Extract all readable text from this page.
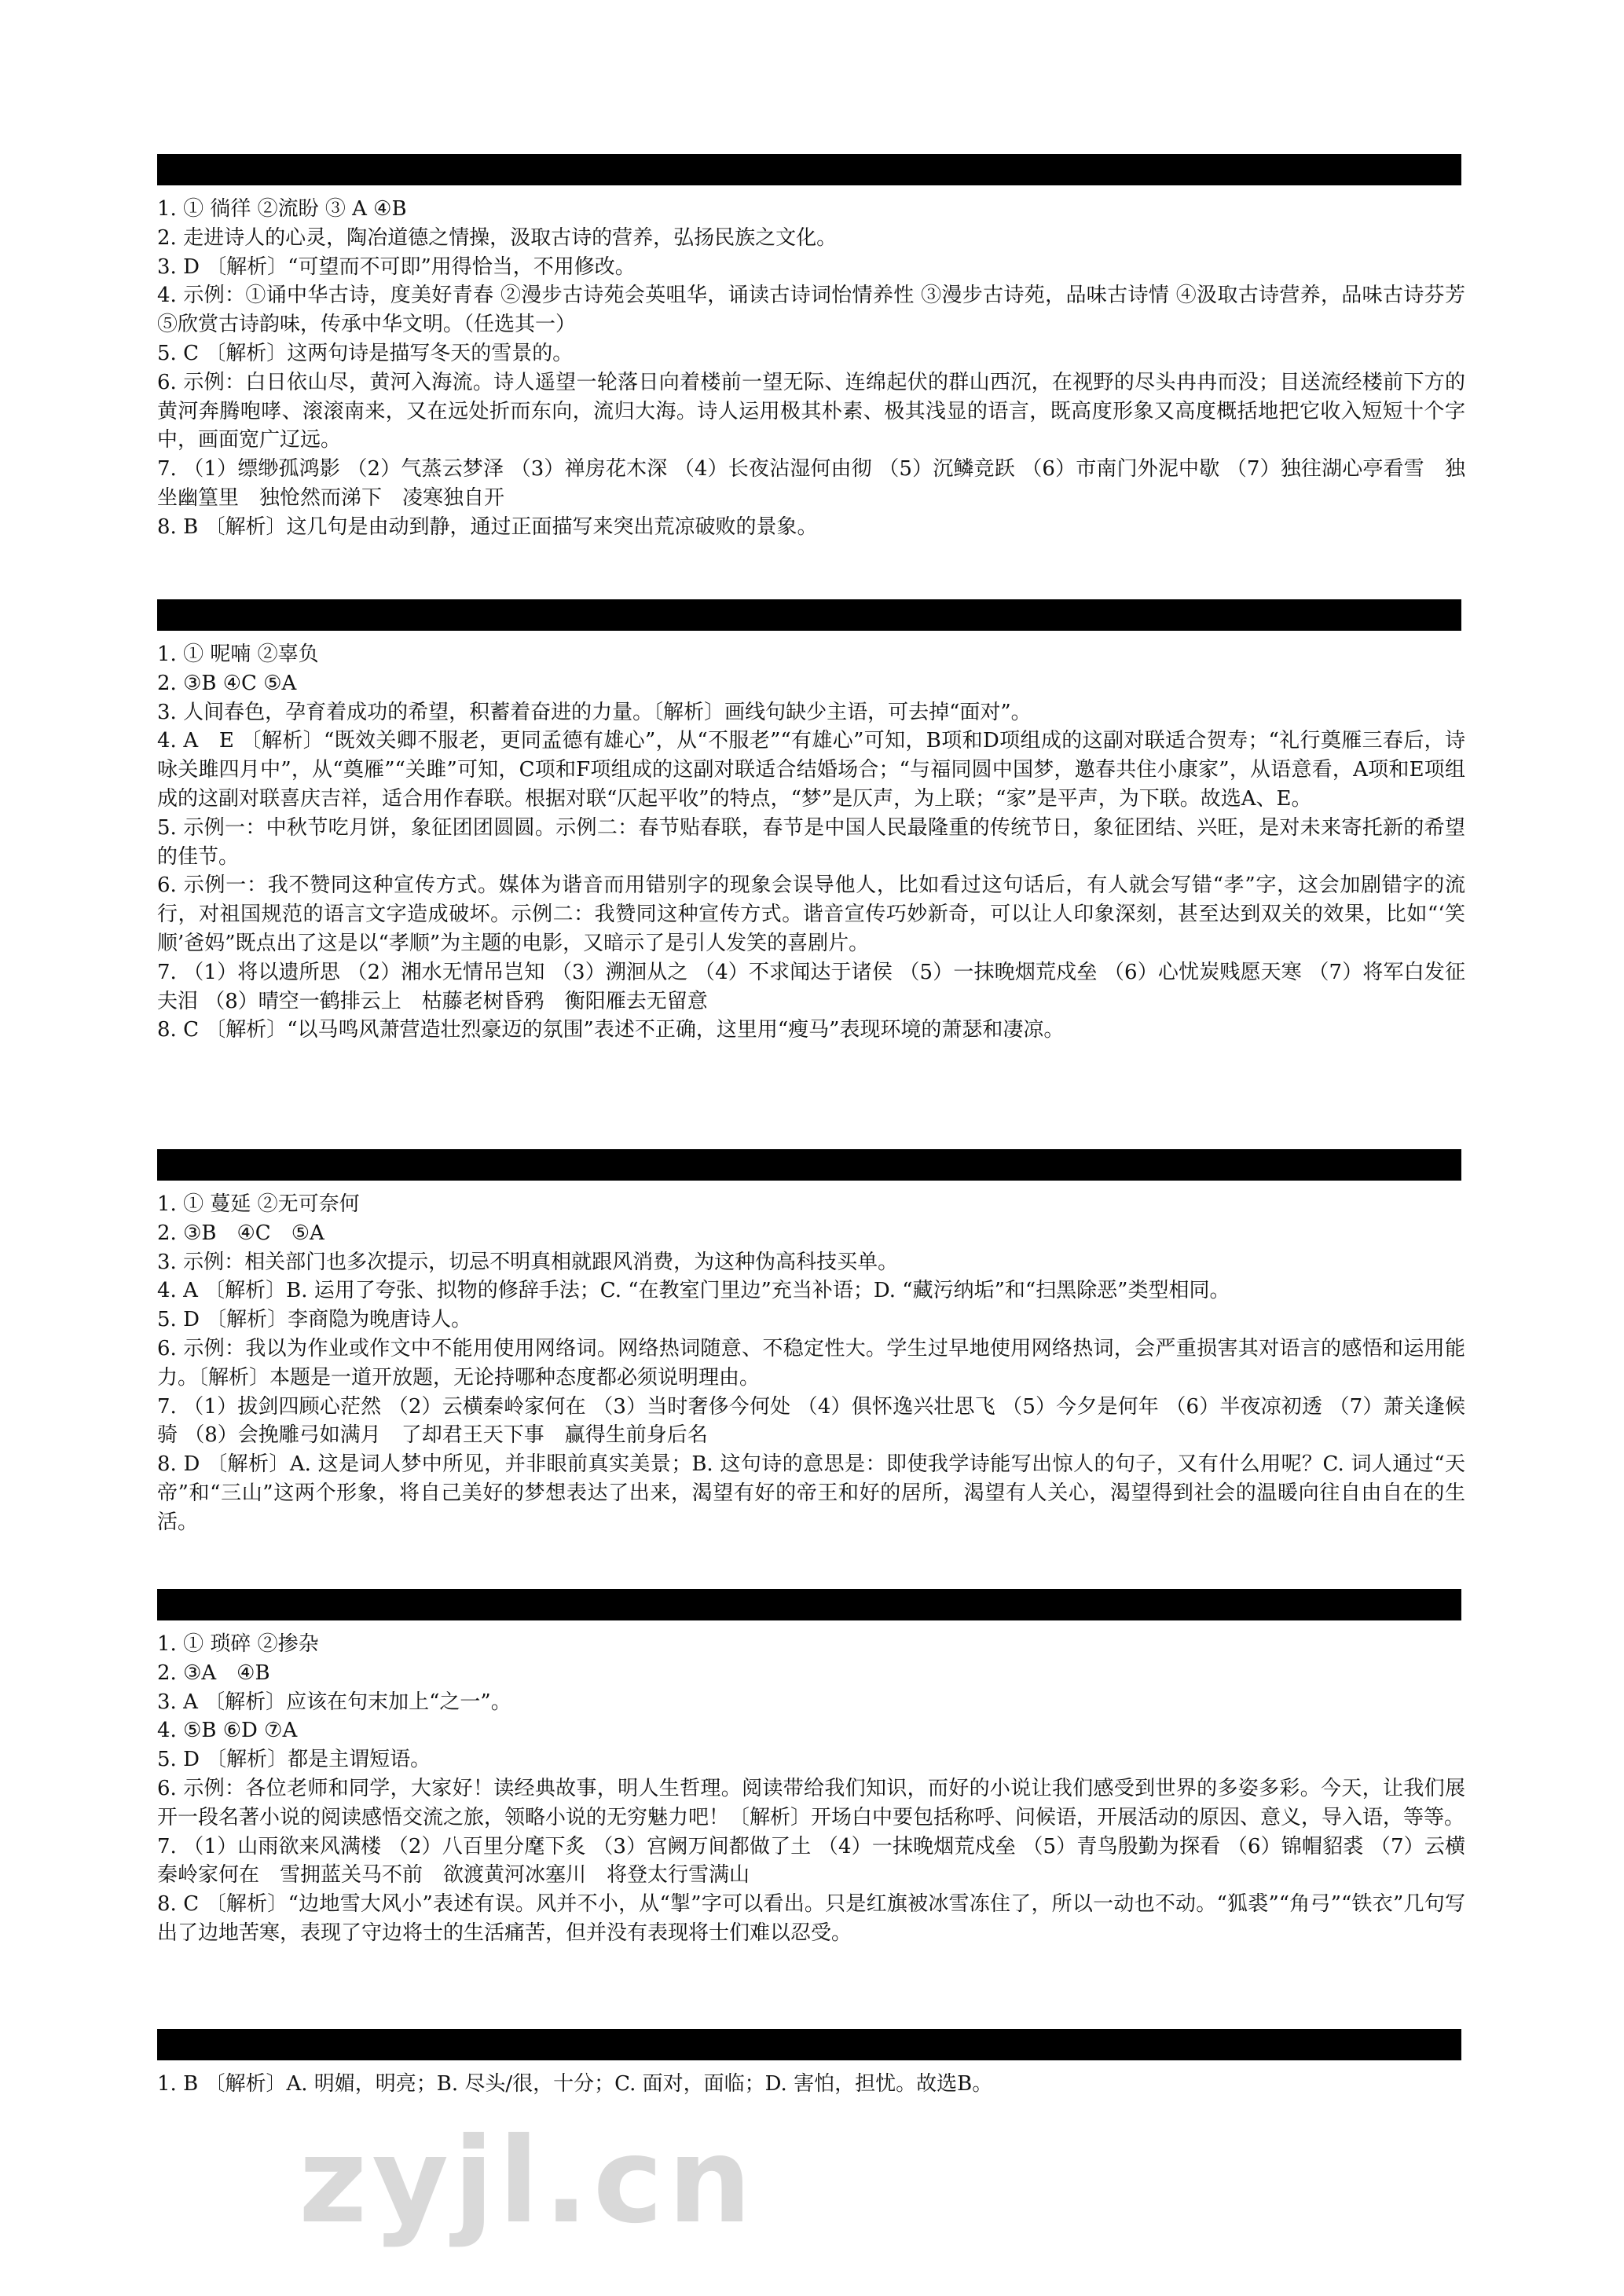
1. ① 徜徉 ②流盼 ③ A ④B

2. 走进诗人的心灵，陶冶道德之情操，汲取古诗的营养，弘扬民族之文化。

3. D 〔解析〕“可望而不可即”用得恰当，不用修改。

4. 示例：①诵中华古诗，度美好青春 ②漫步古诗苑会英咀华，诵读古诗词怡情养性 ③漫步古诗苑，品味古诗情 ④汲取古诗营养，品味古诗芬芳 ⑤欣赏古诗韵味，传承中华文明。（任选其一）

5. C 〔解析〕这两句诗是描写冬天的雪景的。

6. 示例：白日依山尽，黄河入海流。诗人遥望一轮落日向着楼前一望无际、连绵起伏的群山西沉，在视野的尽头冉冉而没；目送流经楼前下方的黄河奔腾咆哮、滚滚南来，又在远处折而东向，流归大海。诗人运用极其朴素、极其浅显的语言，既高度形象又高度概括地把它收入短短十个字中，画面宽广辽远。

7. （1）缥缈孤鸿影 （2）气蒸云梦泽 （3）禅房花木深 （4）长夜沾湿何由彻 （5）沉鳞竞跃 （6）市南门外泥中歇 （7）独往湖心亭看雪　独坐幽篁里　独怆然而涕下　凌寒独自开

8. B 〔解析〕这几句是由动到静，通过正面描写来突出荒凉破败的景象。

1. ① 呢喃 ②辜负

2. ③B ④C ⑤A

3. 人间春色，孕育着成功的希望，积蓄着奋进的力量。〔解析〕画线句缺少主语，可去掉“面对”。

4. A　E 〔解析〕“既效关卿不服老，更同孟德有雄心”，从“不服老”“有雄心”可知，B项和D项组成的这副对联适合贺寿；“礼行奠雁三春后，诗咏关雎四月中”，从“奠雁”“关雎”可知，C项和F项组成的这副对联适合结婚场合；“与福同圆中国梦，邀春共住小康家”，从语意看，A项和E项组成的这副对联喜庆吉祥，适合用作春联。根据对联“仄起平收”的特点，“梦”是仄声，为上联；“家”是平声，为下联。故选A、E。

5. 示例一：中秋节吃月饼，象征团团圆圆。示例二：春节贴春联，春节是中国人民最隆重的传统节日，象征团结、兴旺，是对未来寄托新的希望的佳节。

6. 示例一：我不赞同这种宣传方式。媒体为谐音而用错别字的现象会误导他人，比如看过这句话后，有人就会写错“孝”字，这会加剧错字的流行，对祖国规范的语言文字造成破坏。示例二：我赞同这种宣传方式。谐音宣传巧妙新奇，可以让人印象深刻，甚至达到双关的效果，比如“‘笑顺’爸妈”既点出了这是以“孝顺”为主题的电影，又暗示了是引人发笑的喜剧片。

7. （1）将以遗所思 （2）湘水无情吊岂知 （3）溯洄从之 （4）不求闻达于诸侯 （5）一抹晚烟荒戍垒 （6）心忧炭贱愿天寒 （7）将军白发征夫泪 （8）晴空一鹤排云上　枯藤老树昏鸦　衡阳雁去无留意

8. C 〔解析〕“以马鸣风萧营造壮烈豪迈的氛围”表述不正确，这里用“瘦马”表现环境的萧瑟和凄凉。

1. ① 蔓延 ②无可奈何

2. ③B　④C　⑤A

3. 示例：相关部门也多次提示，切忌不明真相就跟风消费，为这种伪高科技买单。

4. A 〔解析〕B. 运用了夸张、拟物的修辞手法；C. “在教室门里边”充当补语；D. “藏污纳垢”和“扫黑除恶”类型相同。

5. D 〔解析〕李商隐为晚唐诗人。

6. 示例：我以为作业或作文中不能用使用网络词。网络热词随意、不稳定性大。学生过早地使用网络热词，会严重损害其对语言的感悟和运用能力。〔解析〕本题是一道开放题，无论持哪种态度都必须说明理由。

7. （1）拔剑四顾心茫然 （2）云横秦岭家何在 （3）当时奢侈今何处 （4）俱怀逸兴壮思飞 （5）今夕是何年 （6）半夜凉初透 （7）萧关逢候骑 （8）会挽雕弓如满月　了却君王天下事　赢得生前身后名

8. D 〔解析〕A. 这是词人梦中所见，并非眼前真实美景；B. 这句诗的意思是：即使我学诗能写出惊人的句子，又有什么用呢？C. 词人通过“天帝”和“三山”这两个形象，将自己美好的梦想表达了出来，渴望有好的帝王和好的居所，渴望有人关心，渴望得到社会的温暖向往自由自在的生活。

1. ① 琐碎 ②掺杂

2. ③A　④B

3. A 〔解析〕应该在句末加上“之一”。

4. ⑤B ⑥D ⑦A

5. D 〔解析〕都是主谓短语。

6. 示例：各位老师和同学，大家好！读经典故事，明人生哲理。阅读带给我们知识，而好的小说让我们感受到世界的多姿多彩。今天，让我们展开一段名著小说的阅读感悟交流之旅，领略小说的无穷魅力吧！〔解析〕开场白中要包括称呼、问候语，开展活动的原因、意义，导入语，等等。

7. （1）山雨欲来风满楼 （2）八百里分麾下炙 （3）宫阙万间都做了土 （4）一抹晚烟荒戍垒 （5）青鸟殷勤为探看 （6）锦帽貂裘 （7）云横秦岭家何在　雪拥蓝关马不前　欲渡黄河冰塞川　将登太行雪满山

8. C 〔解析〕“边地雪大风小”表述有误。风并不小，从“掣”字可以看出。只是红旗被冰雪冻住了，所以一动也不动。“狐裘”“角弓”“铁衣”几句写出了边地苦寒，表现了守边将士的生活痛苦，但并没有表现将士们难以忍受。

1. B 〔解析〕A. 明媚，明亮；B. 尽头/很，十分；C. 面对，面临；D. 害怕，担忧。故选B。

zyjl.cn
